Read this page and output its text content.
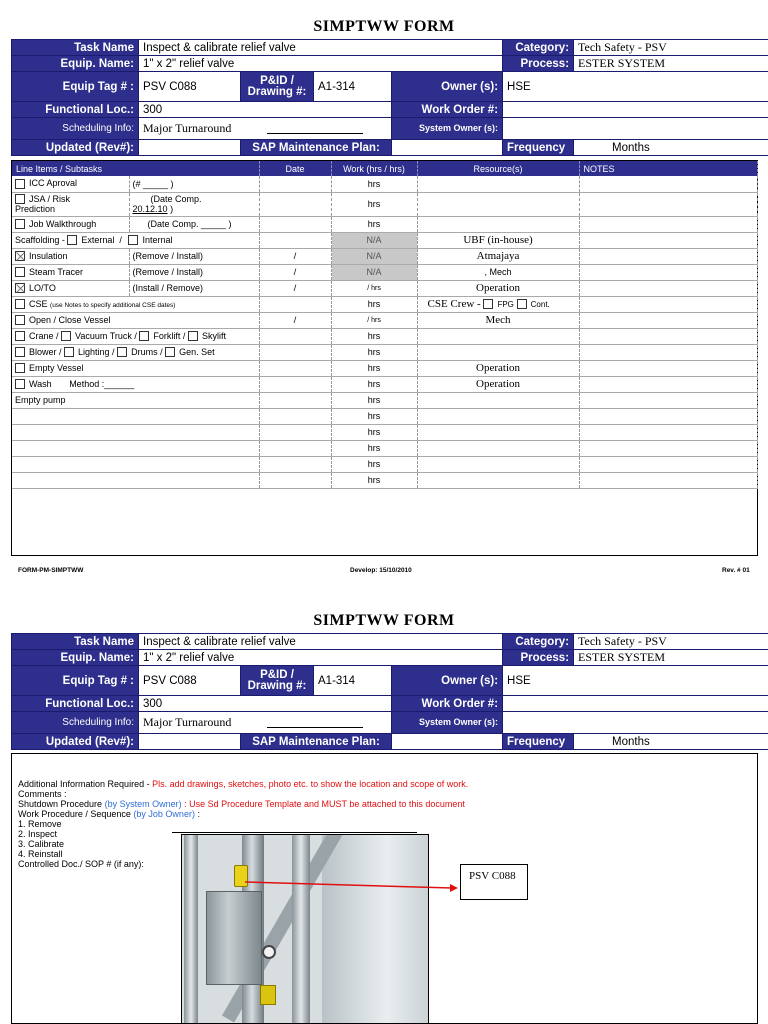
SIMPTWW FORM
Task Name	Inspect & calibrate relief valve				Category:	Tech Safety - PSV
Equip. Name:	1" x 2" relief valve				Process:	ESTER SYSTEM
Equip Tag # :	PSV C088	P&ID / Drawing #:	A1-314	Owner (s):	HSE	
Functional Loc.:	300			Work Order #:		
Scheduling Info:	Major Turnaround			System Owner (s):		
Updated (Rev#):		SAP Maintenance Plan:			Frequency	Months
Line Items / Subtasks		Date	Work (hrs / hrs)	Resource(s)	NOTES
ICC Aproval	(# _____ )		hrs		
JSA / Risk
Prediction	(Date Comp.
20.12.10 )		hrs		
Job Walkthrough	(Date Comp. _____ )		hrs		
Scaffolding - External  / Internal			N/A	UBF (in-house)	
Insulation	(Remove / Install)	/	N/A	Atmajaya	
Steam Tracer	(Remove / Install)	/	N/A	, Mech	
LO/TO	(Install / Remove)	/	/ hrs	Operation	
CSE (use Notes to specify additional CSE dates)			hrs	CSE Crew - FPG Cont.	
Open / Close Vessel		/	/ hrs	Mech	
Crane / Vacuum Truck / Forklift / Skylift			hrs		
Blower / Lighting / Drums / Gen. Set			hrs		
Empty Vessel			hrs	Operation	
Wash Method :______			hrs	Operation	
Empty pump			hrs		
			hrs		
			hrs		
			hrs		
			hrs		
			hrs		
FORM-PM-SIMPTWW	Develop: 15/10/2010	Rev. # 01
SIMPTWW FORM
Task Name	Inspect & calibrate relief valve				Category:	Tech Safety - PSV
Equip. Name:	1" x 2" relief valve				Process:	ESTER SYSTEM
Equip Tag # :	PSV C088	P&ID / Drawing #:	A1-314	Owner (s):	HSE	
Functional Loc.:	300			Work Order #:		
Scheduling Info:	Major Turnaround			System Owner (s):		
Updated (Rev#):		SAP Maintenance Plan:			Frequency	Months
Additional Information Required - Pls. add drawings, sketches, photo etc. to show the location and scope of work.
Comments :
Shutdown Procedure (by System Owner) : Use Sd Procedure Template and MUST be attached to this document
Work Procedure / Sequence (by Job Owner) :
1. Remove
2. Inspect
3. Calibrate
4. Reinstall
Controlled Doc./ SOP # (if any):
PSV C088
